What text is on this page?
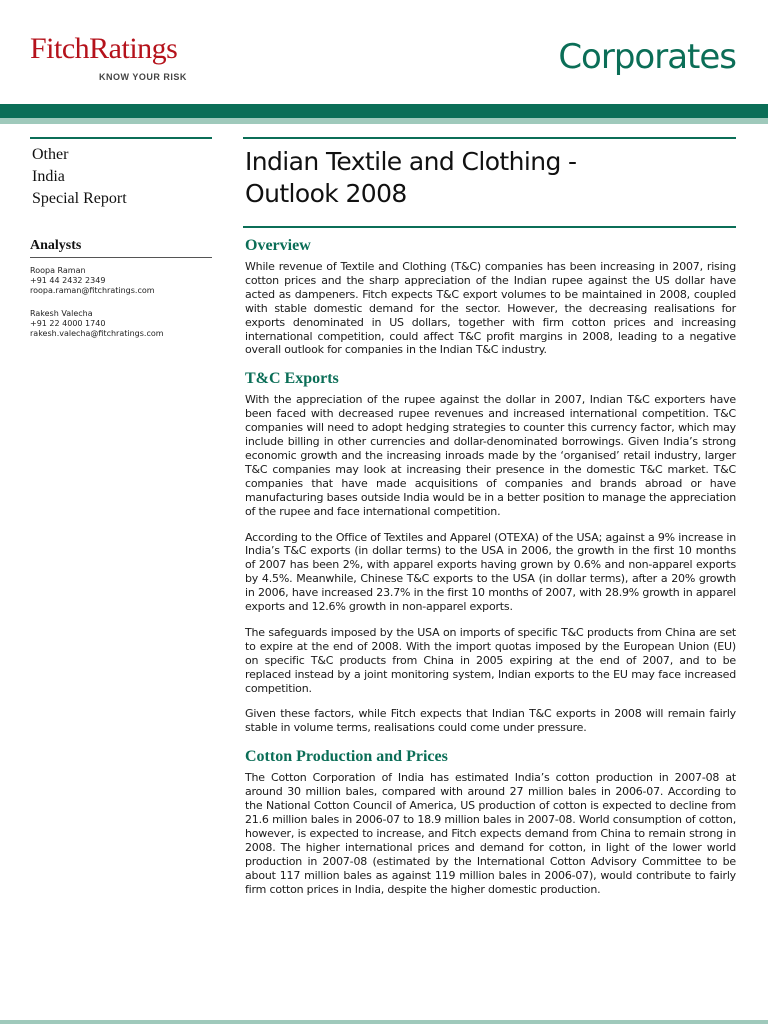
FitchRatings
KNOW YOUR RISK	Corporates
Other
India
Special Report
Indian Textile and Clothing -
Outlook 2008
Analysts
Roopa Raman
+91 44 2432 2349
roopa.raman@fitchratings.com
Rakesh Valecha
+91 22 4000 1740
rakesh.valecha@fitchratings.com
Overview

While revenue of Textile and Clothing (T&C) companies has been increasing in 2007, rising cotton prices and the sharp appreciation of the Indian rupee against the US dollar have acted as dampeners. Fitch expects T&C export volumes to be maintained in 2008, coupled with stable domestic demand for the sector. However, the decreasing realisations for exports denominated in US dollars, together with firm cotton prices and increasing international competition, could affect T&C profit margins in 2008, leading to a negative overall outlook for companies in the Indian T&C industry.

T&C Exports

With the appreciation of the rupee against the dollar in 2007, Indian T&C exporters have been faced with decreased rupee revenues and increased international competition. T&C companies will need to adopt hedging strategies to counter this currency factor, which may include billing in other currencies and dollar-denominated borrowings. Given India’s strong economic growth and the increasing inroads made by the ‘organised’ retail industry, larger T&C companies may look at increasing their presence in the domestic T&C market. T&C companies that have made acquisitions of companies and brands abroad or have manufacturing bases outside India would be in a better position to manage the appreciation of the rupee and face international competition.

According to the Office of Textiles and Apparel (OTEXA) of the USA; against a 9% increase in India’s T&C exports (in dollar terms) to the USA in 2006, the growth in the first 10 months of 2007 has been 2%, with apparel exports having grown by 0.6% and non-apparel exports by 4.5%. Meanwhile, Chinese T&C exports to the USA (in dollar terms), after a 20% growth in 2006, have increased 23.7% in the first 10 months of 2007, with 28.9% growth in apparel exports and 12.6% growth in non-apparel exports.

The safeguards imposed by the USA on imports of specific T&C products from China are set to expire at the end of 2008. With the import quotas imposed by the European Union (EU) on specific T&C products from China in 2005 expiring at the end of 2007, and to be replaced instead by a joint monitoring system, Indian exports to the EU may face increased competition.

Given these factors, while Fitch expects that Indian T&C exports in 2008 will remain fairly stable in volume terms, realisations could come under pressure.

Cotton Production and Prices

The Cotton Corporation of India has estimated India’s cotton production in 2007-08 at around 30 million bales, compared with around 27 million bales in 2006-07. According to the National Cotton Council of America, US production of cotton is expected to decline from 21.6 million bales in 2006-07 to 18.9 million bales in 2007-08. World consumption of cotton, however, is expected to increase, and Fitch expects demand from China to remain strong in 2008. The higher international prices and demand for cotton, in light of the lower world production in 2007-08 (estimated by the International Cotton Advisory Committee to be about 117 million bales as against 119 million bales in 2006-07), would contribute to fairly firm cotton prices in India, despite the higher domestic production.
